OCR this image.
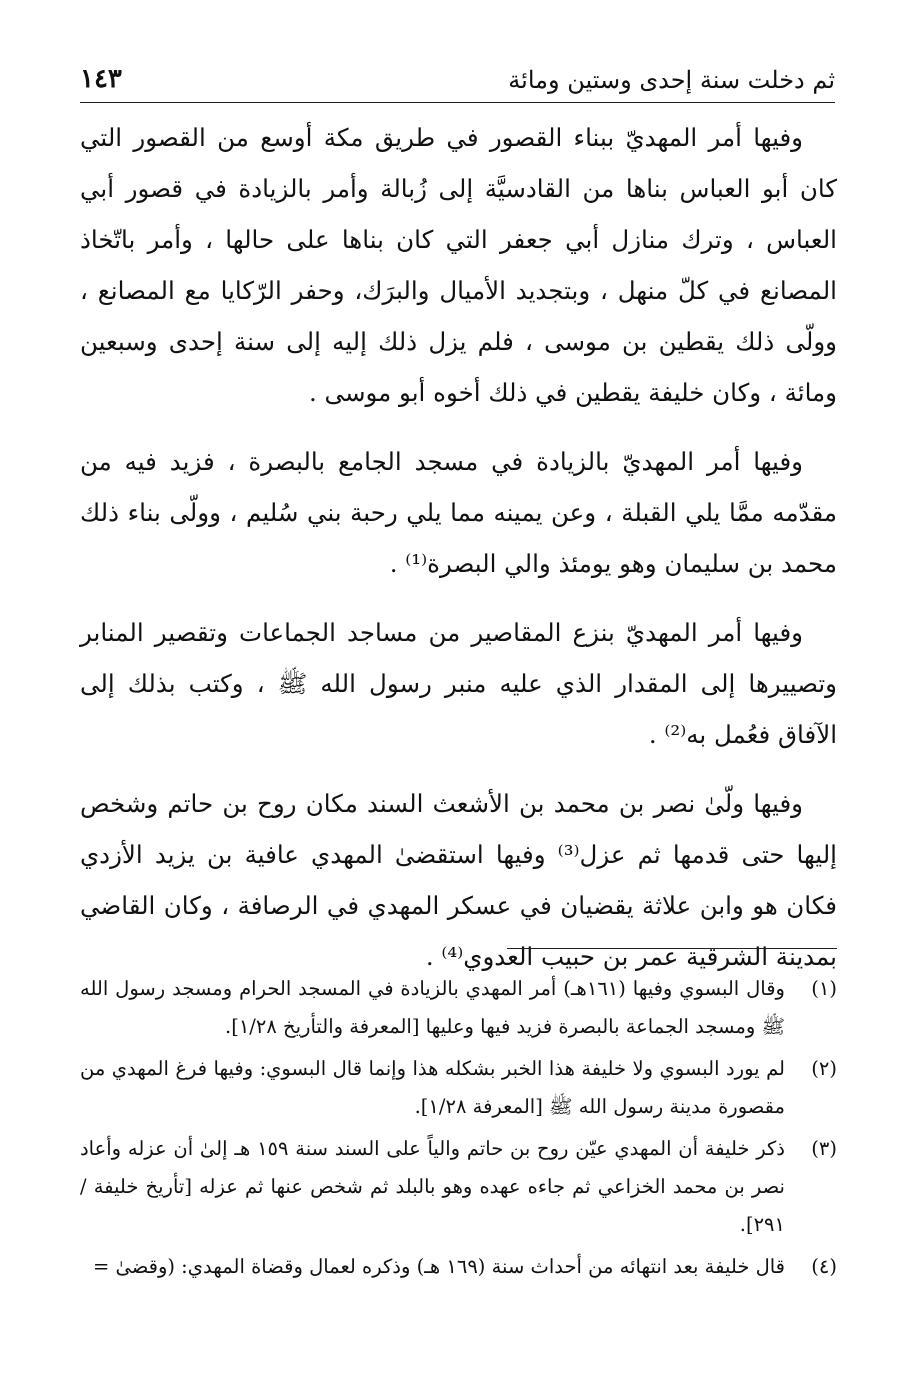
ثم دخلت سنة إحدى وستين ومائة
١٤٣

وفيها أمر المهديّ ببناء القصور في طريق مكة أوسع من القصور التي كان أبو العباس بناها من القادسيَّة إلى زُبالة وأمر بالزيادة في قصور أبي العباس ، وترك منازل أبي جعفر التي كان بناها على حالها ، وأمر باتّخاذ المصانع في كلّ منهل ، وبتجديد الأميال والبرَك، وحفر الرّكايا مع المصانع ، وولّى ذلك يقطين بن موسى ، فلم يزل ذلك إليه إلى سنة إحدى وسبعين ومائة ، وكان خليفة يقطين في ذلك أخوه أبو موسى .

وفيها أمر المهديّ بالزيادة في مسجد الجامع بالبصرة ، فزيد فيه من مقدّمه ممَّا يلي القبلة ، وعن يمينه مما يلي رحبة بني سُليم ، وولّى بناء ذلك محمد بن سليمان وهو يومئذ والي البصرة⁽¹⁾ .

وفيها أمر المهديّ بنزع المقاصير من مساجد الجماعات وتقصير المنابر وتصييرها إلى المقدار الذي عليه منبر رسول الله ﷺ ، وكتب بذلك إلى الآفاق فعُمل به⁽²⁾ .

وفيها ولّىٰ نصر بن محمد بن الأشعث السند مكان روح بن حاتم وشخص إليها حتى قدمها ثم عزل⁽³⁾ وفيها استقضىٰ المهدي عافية بن يزيد الأزدي فكان هو وابن علاثة يقضيان في عسكر المهدي في الرصافة ، وكان القاضي بمدينة الشرقية عمر بن حبيب العدوي⁽⁴⁾ .

(١)
وقال البسوي وفيها (١٦١هـ) أمر المهدي بالزيادة في المسجد الحرام ومسجد رسول الله ﷺ ومسجد الجماعة بالبصرة فزيد فيها وعليها [المعرفة والتأريخ ١/٢٨].
(٢)
لم يورد البسوي ولا خليفة هذا الخبر بشكله هذا وإنما قال البسوي: وفيها فرغ المهدي من مقصورة مدينة رسول الله ﷺ [المعرفة ١/٢٨].
(٣)
ذكر خليفة أن المهدي عيّن روح بن حاتم والياً على السند سنة ١٥٩ هـ إلىٰ أن عزله وأعاد نصر بن محمد الخزاعي ثم جاءه عهده وهو بالبلد ثم شخص عنها ثم عزله [تأريخ خليفة / ٢٩١].
(٤)
قال خليفة بعد انتهائه من أحداث سنة (١٦٩ هـ) وذكره لعمال وقضاة المهدي: (وقضىٰ =
